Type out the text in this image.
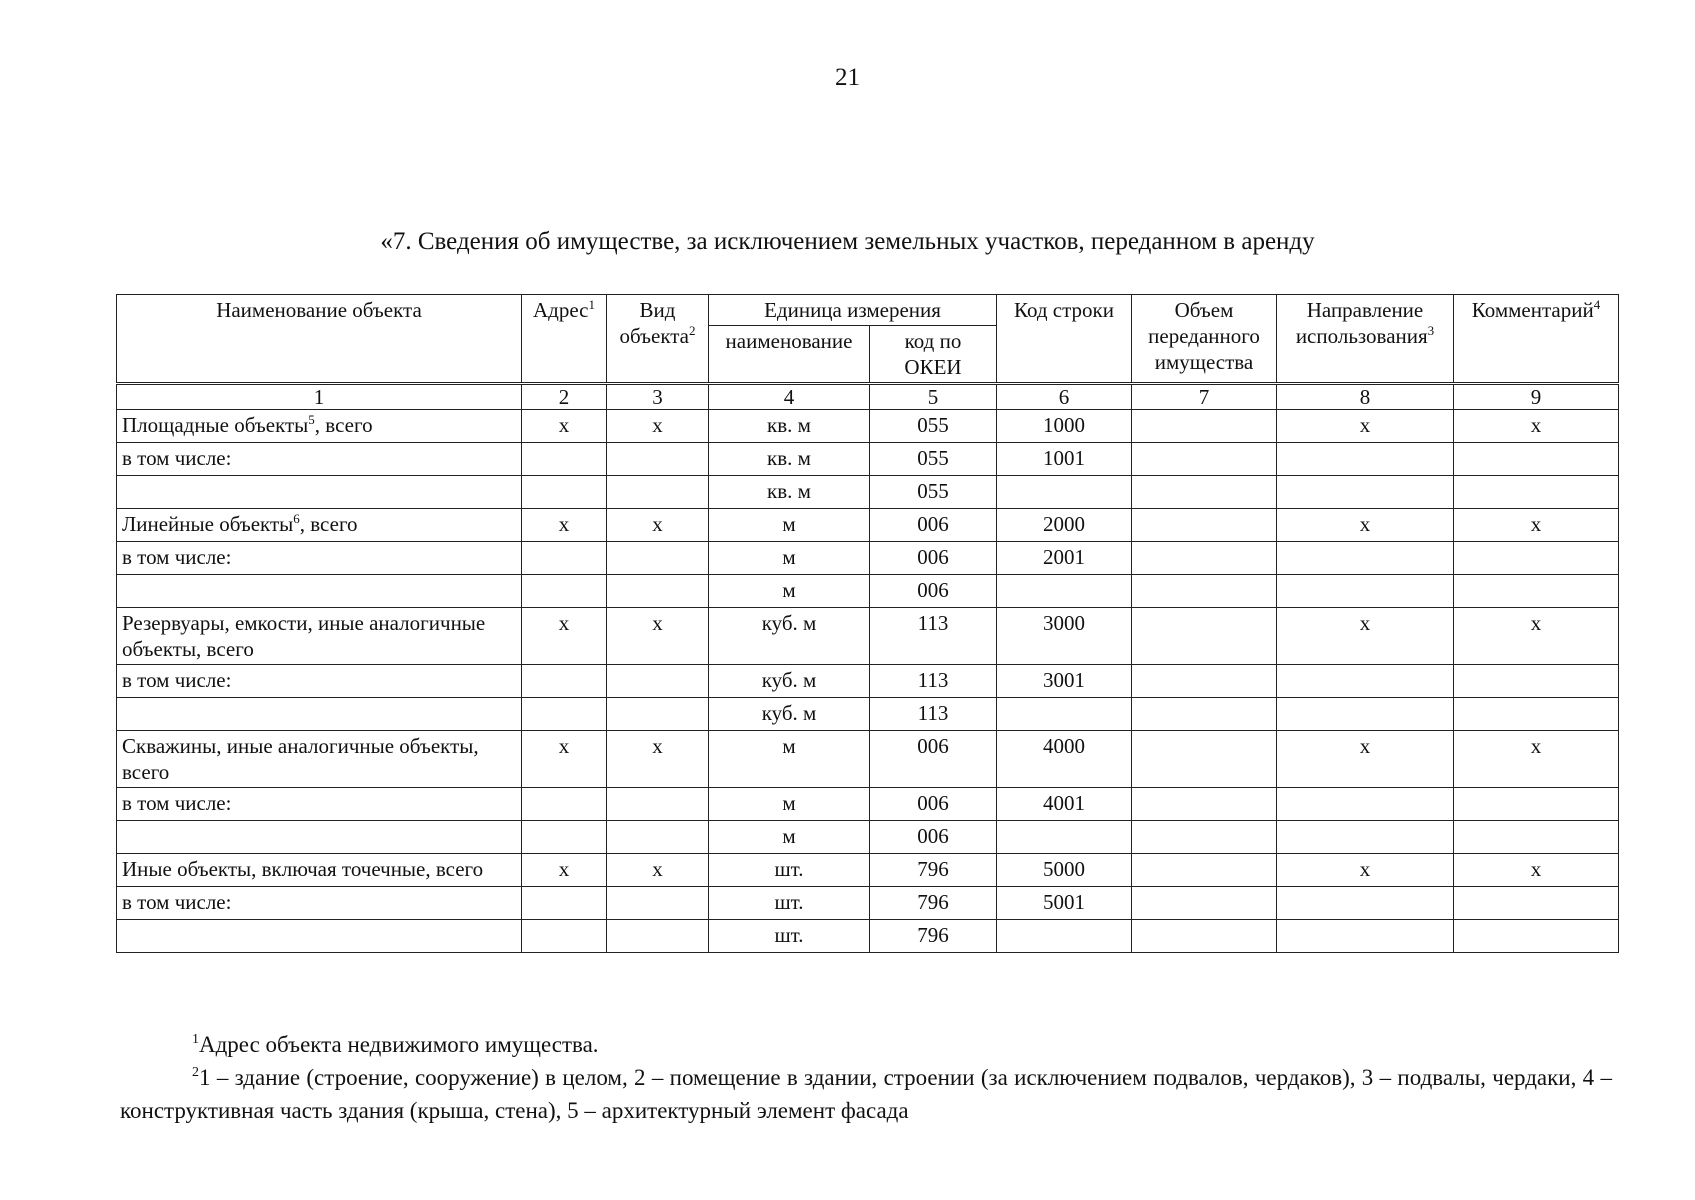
21
«7. Сведения об имуществе, за исключением земельных участков, переданном в аренду
Наименование объекта	Адрес$^1$	Вид объекта$^2$	Единица измерения		Код строки	Объем переданного имущества	Направление использования$^3$	Комментарий$^4$
			наименование	код по ОКЕИ				
1	2	3	4	5	6	7	8	9
Площадные объекты$^5$, всего	х	х	кв. м	055	1000		х	х
в том числе:			кв. м	055	1001			
			кв. м	055				
Линейные объекты$^6$, всего	х	х	м	006	2000		х	х
в том числе:			м	006	2001			
			м	006				
Резервуары, емкости, иные аналогичные объекты, всего	х	х	куб. м	113	3000		х	х
в том числе:			куб. м	113	3001			
			куб. м	113				
Скважины, иные аналогичные объекты, всего	х	х	м	006	4000		х	х
в том числе:			м	006	4001			
			м	006				
Иные объекты, включая точечные, всего	х	х	шт.	796	5000		х	х
в том числе:			шт.	796	5001			
			шт.	796				
$^1$Адрес объекта недвижимого имущества.
$^2$1 – здание (строение, сооружение) в целом, 2 – помещение в здании, строении (за исключением подвалов, чердаков), 3 – подвалы, чердаки, 4 – конструктивная часть здания (крыша, стена), 5 – архитектурный элемент фасада
